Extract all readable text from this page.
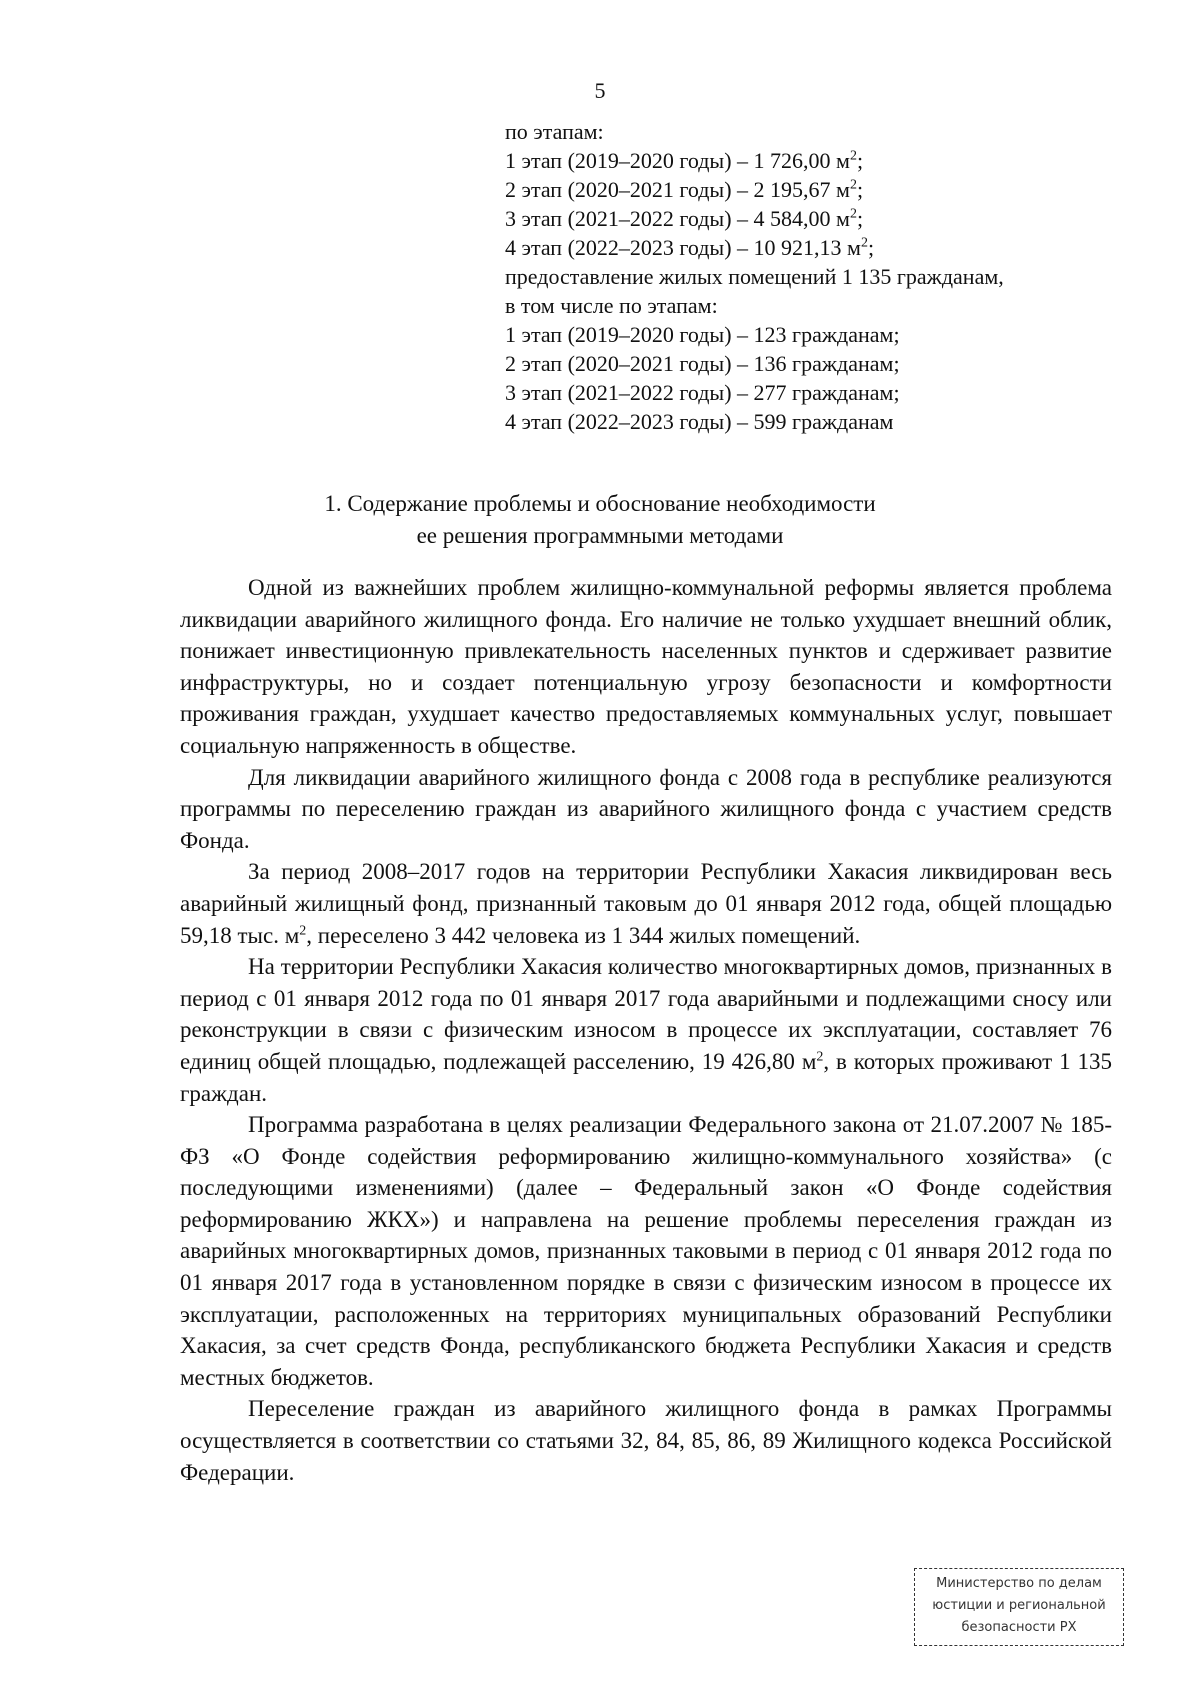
5
по этапам:
1 этап (2019–2020 годы) – 1 726,00 $м^2$;
2 этап (2020–2021 годы) – 2 195,67 $м^2$;
3 этап (2021–2022 годы) – 4 584,00 $м^2$;
4 этап (2022–2023 годы) – 10 921,13 $м^2$;
предоставление жилых помещений 1 135 гражданам,
в том числе по этапам:
1 этап (2019–2020 годы) – 123 гражданам;
2 этап (2020–2021 годы) – 136 гражданам;
3 этап (2021–2022 годы) – 277 гражданам;
4 этап (2022–2023 годы) – 599 гражданам
1. Содержание проблемы и обоснование необходимости
ее решения программными методами

Одной из важнейших проблем жилищно-коммунальной реформы является проблема ликвидации аварийного жилищного фонда. Его наличие не только ухудшает внешний облик, понижает инвестиционную привлекательность населенных пунктов и сдерживает развитие инфраструктуры, но и создает потенциальную угрозу безопасности и комфортности проживания граждан, ухудшает качество предоставляемых коммунальных услуг, повышает социальную напряженность в обществе.

Для ликвидации аварийного жилищного фонда с 2008 года в республике реализуются программы по переселению граждан из аварийного жилищного фонда с участием средств Фонда.

За период 2008–2017 годов на территории Республики Хакасия ликвидирован весь аварийный жилищный фонд, признанный таковым до 01 января 2012 года, общей площадью 59,18 тыс. $м^2$, переселено 3 442 человека из 1 344 жилых помещений.

На территории Республики Хакасия количество многоквартирных домов, признанных в период с 01 января 2012 года по 01 января 2017 года аварийными и подлежащими сносу или реконструкции в связи с физическим износом в процессе их эксплуатации, составляет 76 единиц общей площадью, подлежащей расселению, 19 426,80 $м^2$, в которых проживают 1 135 граждан.

Программа разработана в целях реализации Федерального закона от 21.07.2007 № 185-ФЗ «О Фонде содействия реформированию жилищно-коммунального хозяйства» (с последующими изменениями) (далее – Федеральный закон «О Фонде содействия реформированию ЖКХ») и направлена на решение проблемы переселения граждан из аварийных многоквартирных домов, признанных таковыми в период с 01 января 2012 года по 01 января 2017 года в установленном порядке в связи с физическим износом в процессе их эксплуатации, расположенных на территориях муниципальных образований Республики Хакасия, за счет средств Фонда, республиканского бюджета Республики Хакасия и средств местных бюджетов.

Переселение граждан из аварийного жилищного фонда в рамках Программы осуществляется в соответствии со статьями 32, 84, 85, 86, 89 Жилищного кодекса Российской Федерации.

Министерство по делам
юстиции и региональной
безопасности РХ
